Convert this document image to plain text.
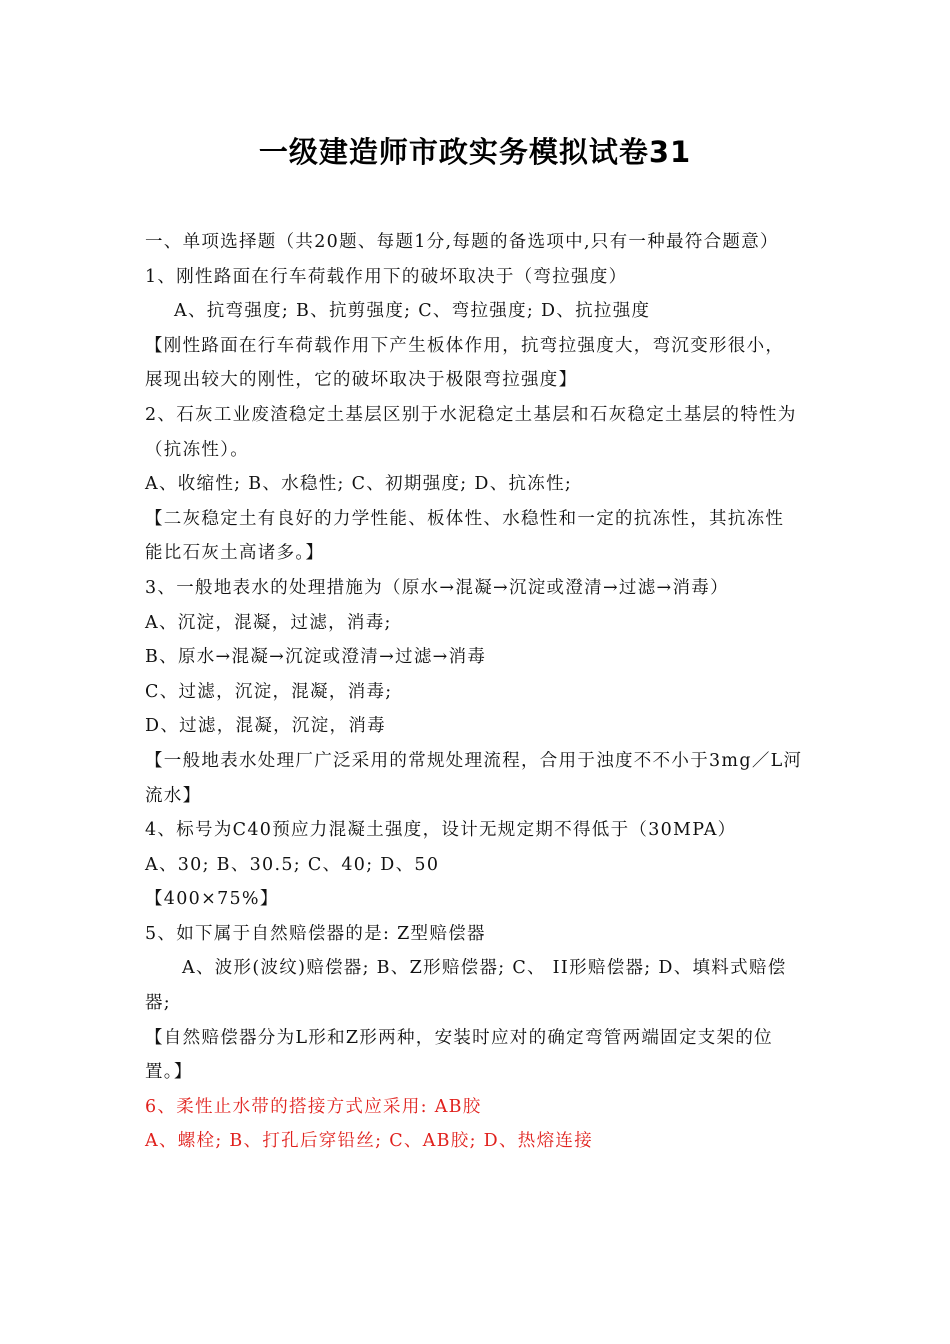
一级建造师市政实务模拟试卷31
一、单项选择题（共20题、每题1分,每题的备选项中,只有一种最符合题意）
1、刚性路面在行车荷载作用下的破坏取决于（弯拉强度）
A、抗弯强度; B、抗剪强度; C、弯拉强度; D、抗拉强度
【刚性路面在行车荷载作用下产生板体作用，抗弯拉强度大，弯沉变形很小，
展现出较大的刚性，它的破坏取决于极限弯拉强度】
2、石灰工业废渣稳定土基层区别于水泥稳定土基层和石灰稳定土基层的特性为
（抗冻性）。
A、收缩性; B、水稳性; C、初期强度; D、抗冻性;
【二灰稳定土有良好的力学性能、板体性、水稳性和一定的抗冻性，其抗冻性
能比石灰土高诸多。】
3、一般地表水的处理措施为（原水→混凝→沉淀或澄清→过滤→消毒）
A、沉淀，混凝，过滤，消毒;
B、原水→混凝→沉淀或澄清→过滤→消毒
C、过滤，沉淀，混凝，消毒;
D、过滤，混凝，沉淀，消毒
【一般地表水处理厂广泛采用的常规处理流程，合用于浊度不不小于3mg／L河
流水】
4、标号为C40预应力混凝土强度，设计无规定期不得低于（30MPA）
A、30; B、30.5; C、40; D、50
【400×75%】
5、如下属于自然赔偿器的是: Z型赔偿器
A、波形(波纹)赔偿器; B、Z形赔偿器; C、 II形赔偿器; D、填料式赔偿
器;
【自然赔偿器分为L形和Z形两种，安装时应对的确定弯管两端固定支架的位
置。】
6、柔性止水带的搭接方式应采用: AB胶
A、螺栓; B、打孔后穿铅丝; C、AB胶; D、热熔连接
